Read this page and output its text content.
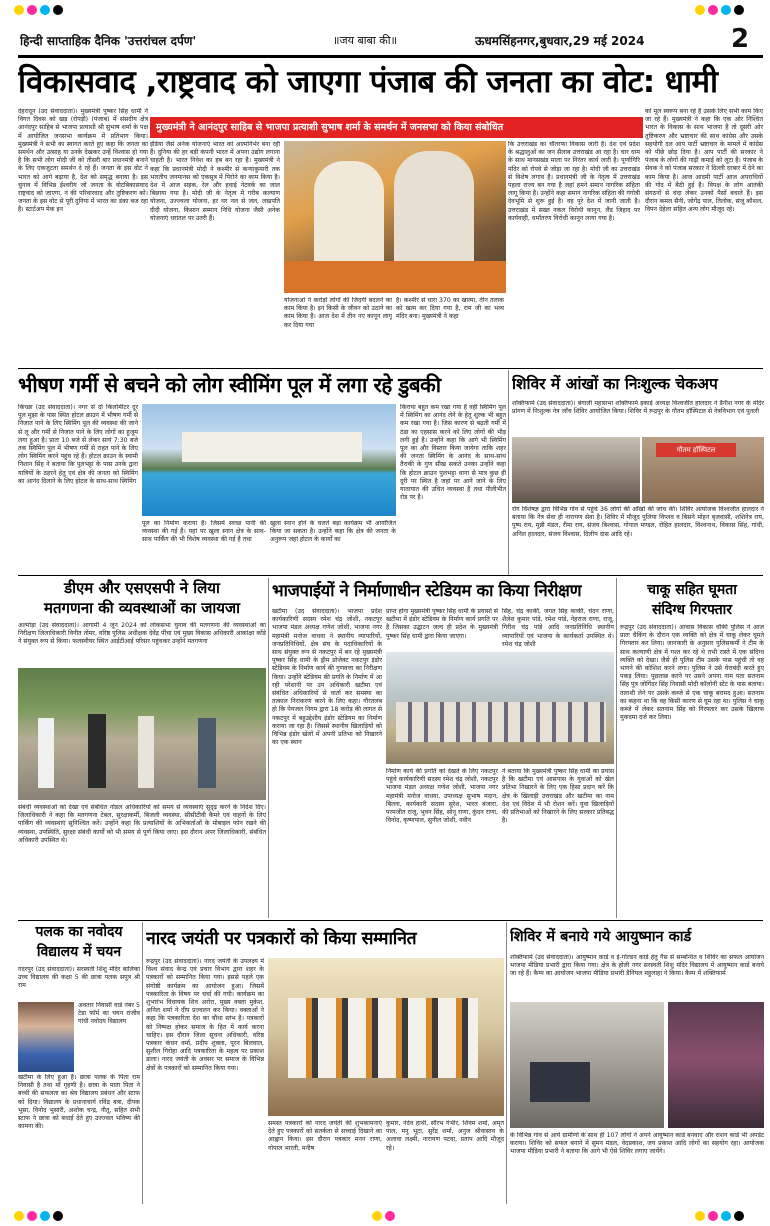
हिन्दी साप्ताहिक दैनिक 'उत्तरांचल दर्पण'	॥जय बाबा की॥	ऊधमसिंहनगर,बुधवार,29 मई 2024	2
विकासवाद ,राष्ट्रवाद को जाएगा पंजाब की जनता का वोट: धामी
देहरादून (उद संवाददाता)। मुख्यमंत्री पुष्कर सिंह धामी ने विगत दिवस को खड़ (रोपड़ी) (पंजाब) में संसदीय क्षेत्र आनंदपुर साहिब से भाजपा प्रत्याशी श्री सुभाष शर्मा के पक्ष में आयोजित जनसभा कार्यक्रम में प्रतिभाग किया। मुख्यमंत्री ने सभी का स्वागत करते हुए कहा कि जनता का समर्थन और उत्साह या उनके देखकर उन्हें विश्वास हो गया है कि सभी लोग मोदी जी को तीसरी बार प्रधानमंत्री बनाने के लिए एकजुटता समर्थन दे रहे हैं। जनता के इस वोट ने भारत को आगे बढ़ाया है, देश को समृद्ध बनाया है। इस चुनाव में विभिन्न ईश्वरीय जो जनता के वोटबिकासवाद राष्ट्रवाद को जाएगा, न की परिवारवाद और तुष्टिकरण को। जनता के इस वोट से पूरी दुनिया में भारत का डंका बज रहा है। स्टार्टअप मेक इन
मुख्यमंत्री ने आनंदपुर साहिब से भाजपा प्रत्याशी सुभाष शर्मा के समर्थन में जनसभा को किया संबोधित
इंडिया जैसे अनेक योजनाएं भारत को आत्मनिर्भर बना रही हैं। दुनिया की हर बड़ी कंपनी भारत में अपना उद्योग लगाना चाहती है। भारत निवेश का हब बन रहा है। मुख्यमंत्री ने कहा कि प्रधानमंत्री मोदी ने कश्मीर से कन्याकुमारी तक भारतीय जनमानस को एकसूत्र में पिरोने का काम किया है। देश में आज सड़क, रेल और हवाई नेटवर्क का जाल बिछाया गया है। मोदी जी के नेतृत्व में गरीब कल्याण योजना, उज्ज्वला योजना, हर घर नल से जल, लखपति दीदी योजना, किसान सम्मान निधि योजना जैसी अनेक योजनाएं धरातल पर उतरी हैं।
योजनाओं ने करोड़ों लोगों की जिंदगी बदलने का काम किया है। इन किसी के जीवन को उठाने का काम किया है। आज देश में तीन नए कानून लागू कर दिया गया
है। कश्मीर से धारा 370 का खात्मा, तीन तलाक को खत्म कर दिया गया है, राम जी का भव्य मंदिर बना। मुख्यमंत्री ने कहा
कि उत्तराखंड का चौतरफा विकास जारी है। देश एवं प्रदेश के श्रद्धालुओं का जन सैलाब उत्तराखंड आ रहा है। चार धाम के साथ मानसखंड माला पर निरंतर कार्य जारी है। पूर्णागिरि मंदिर को रोपवे से जोड़ा जा रहा है। मोदी जी का उत्तराखंड से विशेष लगाव है। प्रधानमंत्री जी के नेतृत्व में उत्तराखंड पहला राज्य बन गया है जहां हमने समान नागरिक संहिता लागू किया है। उन्होंने कहा समान नागरिक संहिता की गंगोत्री देवभूमि से शुरू हुई है। वह पूरे देश में जानी जाती है। उत्तराखंड में सख्त नकल विरोधी कानून, लैंड जिहाद पर कार्यवाही, धर्मांतरण विरोधी कानून लाया गया है।
को मूल स्वरूप बना रहे हैं उसके लिए सभी काम किए जा रहे हैं। मुख्यमंत्री ने कहा कि एक ओर निश्चित भारत के विकास के साथ भाजपा है तो दूसरी ओर तुष्टिकरण और भ्रष्टाचार की साथ कांग्रेस और उसके सहयोगी दल आप पार्टी भ्रष्टाचार के मामले में कांग्रेस को पीछे छोड़ दिया है। आप पार्टी की सरकार ने पंजाब के लोगों की गाढ़ी कमाई को लूटा है। पंजाब के सेवक ने को पंजाब सरकार ने दिल्ली दरबार में देने का काम किया है। आज आदमी पार्टी आज अपराधियों की गोद में बैठी हुई है। विपक्ष के लोग आतंकी संगठनों से चंदा लेकर उनको पैसों बचाते हैं। इस दौरान कमल सैनी, जोगेंद्र पाल, तिलोक, संजू कौशल, विपन देहेला सहित अन्य लोग मौजूद रहे।
भीषण गर्मी से बचने को लोग स्वीमिंग पूल में लगा रहे डुबकी
किच्छा (उद संवाददाता)। नगर से दो किलोमीटर दूर पूल मुझा के पास स्थित होटल क्राउन में भीषण गर्मी से निजात पाने के लिए स्विमिंग पूल की व्यवस्था की जाने से लू और गर्मी से निजात पाने के लिए लोगों का हुजूम लगा हुआ है। प्रातः 10 बजे से लेकर सायं 7:30 बजे तक स्विमिंग पूल में भीषण गर्मी से राहत पाने के लिए लोग स्विमिंग करने पहुंच रहे हैं। होटल क्राउन के स्वामी निशान सिंह ने बताया कि पुलभट्टा के पास उनके द्वारा यात्रियों के ठहरने हेतु एवं क्षेत्र की जनता को स्विमिंग का आनंद दिलाने के लिए होटल के साथ-साथ स्विमिंग
पूल का निर्माण कराया है। जिसमें स्वच्छ पानी की व्यवस्था की गई है। यहां पर खुला स्नान क्षेत्र के साथ-साथ पार्किंग की भी विशेष व्यवस्था की गई है तथा
खुला स्नान होने के चलते बड़ा कार्यक्रम भी आयोजित किया जा सकता है। उन्होंने कहा कि क्षेत्र की जनता के अनुरूप जहां होटल के कार्यों का
किराया बहुत कम रखा गया है वहीं स्विमिंग पूल में स्विमिंग का आनंद लेने के हेतु शुल्क भी बहुत कम रखा गया है। जिस कारण से बढ़ती गर्मी में ठंडा का एहसास करने को लिए लोगों की भीड़ लगी हुई है। उन्होंने कहा कि आगे भी स्विमिंग पूल का और विस्तार किया जायेगा ताकि शहर की जनता स्विमिंग के आनंद के साथ-साथ तैराकी के गुण सीख सकते उनका उन्होंने कहा कि होटल क्राउन पुलभट्टा थाना से मात्र कुछ ही दूरी पर स्थित है जहां पर आने जाने के लिए यातायात की उचित व्यवस्था है तथा पीलीभीत रोड पर है।
शिविर में आंखों का निःशुल्क चेकअप
शक्तिफार्म (उद संवाददाता)। बंगाली महासभा शक्तिफार्म इकाई अध्यक्ष विश्वजीत हालदार ने डैनीश नगर के मंदिर प्रांगण में निःशुल्क नेत्र जाँच शिविर आयोजित किया। शिविर में रूद्रपुर के गौतम हॉस्पिटल से नेत्रविभाग एवं पुतली
गौतम हॉस्पिटल
रोग विशेषज्ञ द्वारा विभिन्न गांव से पहुंचे 36 लोगों की आँखों की जांच की। शिविर आयोजक विश्वजीत हालदार ने बताया कि नेत्र सेवा ही नारायण सेवा है। शिविर में मौजूद पुलिया विप्लव व बिसने मोहन बृजवासी, शशिनेत्र राय, पुष्प राय, मुन्नी मंडल, रीमा राय, संजय बिश्वास, गोपाल मण्डल, रोहित हालदार, विश्वनाथ, विकास सिंह, गांधी, अनिल हालदार, संजय विश्वास, दिलीप दास आदि रहे।
डीएम और एसएसपी ने लिया
मतगणना की व्यवस्थाओं का जायजा
अल्मोड़ा (उद संवाददाता)। आगामी 4 जून 2024 को लोकसभा चुनाव की मतगणना की व्यवस्थाओं का निरीक्षण जिलाधिकारी विनीत तोमर, वरिष्ठ पुलिस अधीक्षक देवेंद्र पींचा एवं मुख्य विकास अधिकारी आकांक्षा कोंडे ने संयुक्त रूप से किया। फलस्वीयर स्थित आईटीआई परिसर पहुंचकर उन्होंने मतगणना
संबंधी व्यवस्थाओं को देखा एवं संबंधित नोडल अधिकारियों को समय से व्यवस्थाएं सुदृढ़ करने के निर्देश दिए। जिलाधिकारी ने कहा कि मतगणना टेबल, सुरक्षाकर्मी, बिजली व्यवस्था, सीसीटीवी कैमरे एवं वाहनों के लिए पार्किंग की व्यवस्थाएं सुनिश्चित करें। उन्होंने कहा कि प्रत्याशियों के अभिकर्ताओं के मोबाइल फोन रखने की व्यवस्था, उपस्थिति, सुरक्षा संबंधी कार्यों को भी समय से पूर्ण किया जाए। इस दौरान अपर जिलाधिकारी, संबंधित अधिकारी उपस्थित थे।
भाजपाईयों ने निर्माणाधीन स्टेडियम का किया निरीक्षण
खटीमा (उद संवाददाता)। भाजपा प्रदेश कार्यकारिणी सदस्य रमेश चंद्र जोशी, नकटपुर भाजपा मंडल अध्यक्ष गणेश जोशी, भाजपा नगर महामंत्री मनोज वाधवा ने स्थानीय व्यापारियों, जनप्रतिनिधियों, क्षेत्र संघ के पदाधिकारियों के साथ संयुक्त रूप से नकटपुर में बन रहे मुख्यमंत्री पुष्कर सिंह धामी के ड्रीम प्रोजेक्ट नकटपुर इंडोर स्टेडियम के निर्माण कार्य की गुणवत्ता का निरीक्षण किया। उन्होंने स्टेडियम की प्रगति के निर्माण में आ रही परेशानी पर उप अधिकारी खटीमा एवं संबंधित अधिकारियों से वार्ता कर समस्या का तत्काल निराकरण करने के लिए कहा। गौरतलब हो कि पेयजल निगम द्वारा 18 करोड़ की लागत से नकटपुर में बहुउद्देशीय इंडोर स्टेडियम का निर्माण कराया जा रहा है। जिससे स्थानीय खिलाड़ियों को विभिन्न इंडोर खेलों में अपनी प्रतिभा को निखारने का एक स्थान
प्राप्त होगा मुख्यमंत्री पुष्कर सिंह धामी के प्रयासों से खटीमा में इंडोर स्टेडियम के निर्माण कार्य प्रगति पर है जिसका उद्घाटन जल्द ही प्रदेश के मुख्यमंत्री पुष्कर सिंह धामी द्वारा किया जाएगा।
सिंह, चंद्र कार्की, जगत सिंह कार्की, चंदन राणा, शैलेश कुमार पांडे, रमेश पांडे, नेहराज राणा, राजू, गिरीश चंद्र पांडे आदि जनप्रतिनिधि स्थानीय व्यापारियों एवं भाजपा के कार्यकर्ता उपस्थित थे। रमेश चंद्र जोशी
निर्माण कार्य की प्रगति को देखते के लिए नकटपुर पहुंचे कार्यकारिणी सदस्य रमेश चंद्र जोशी, नकटपुर भाजपा मंडल अध्यक्ष गणेश जोशी, भाजपा नगर महामंत्री मनोज वाधवा, उपाध्यक्ष सुभाष मदान, बिल्ला, कार्यकारी सदस्य सुरेश, भारत बंजारा, परमजीत राजू, भुवन सिंह, सोनू राणा, कुंदन राणा, विनोद, कृष्णपाल, सुनील जोशी, नवीन
ने बताया कि मुख्यमंत्री पुष्कर सिंह धामी का प्रयास है कि खटीमा एवं आसपास के युवाओं को खेल प्रतिभा निखारने के लिए एक हिसा प्रदान करें कि क्षेत्र के खिलाड़ी उत्तराखंड और खटीमा का नाम देश एवं विदेश में भी रोशन करें। युवा खिलाड़ियों की प्रतिभाओं को निखारने के लिए सरकार प्रतिबद्ध है।
चाकू सहित घूमता
संदिग्ध गिरफ्तार
रूद्रपुर (उद संवाददाता)। आवास विकास चौकी पुलिस ने आज प्रातः चैकिंग के दौरान एक व्यक्ति को क्षेत्र में चाकू लेकर घूमते गिरफ्तार कर लिया। जानकारी के अनुसार पुलिसकर्मी ने टीम के साथ कल्याणी क्षेत्र में गश्त कर रहे थे तभी रास्ते में एक संदिग्ध व्यक्ति को देखा। जैसे ही पुलिस टीम उसके पास पहुंची तो वह भागने की कोशिश करने लगा। पुलिस ने उसे घेराबंदी करते हुए पकड़ लिया। पूछताछ करने पर उसने अपना नाम पता सतनाम सिंह पुत्र जोगिंदर सिंह निवासी मोदी कॉलोनी स्टेट के पास बताया। तलाशी लेने पर उसके कब्जे से एक चाकू बरामद हुआ। सतनाम का कहना था कि वह किसी कारण से घूम रहा था। पुलिस ने चाकू कब्जे में लेकर सतनाम सिंह को गिरफ्तार कर उसके खिलाफ मुकदमा दर्ज कर लिया।
पलक का नवोदय
विद्यालय में चयन
गदरपुर (उद संवाददाता)। सरस्वती शिशु मंदिर बालिका उच्च विद्यालय की कक्षा 5 की छात्रा पलक सपुत्र श्री राम
अवतार निवासी वार्ड नंबर 5 टेडा फॉर्म का चयन राजीव गांधी नवोदय विद्यालय
खटीमा के लिए हुआ है। छात्रा पलक के पिता राम निवासी है तथा माँ गृहणी है। छात्रा के माता पिता ने बच्ची की सफलता का श्रेय विद्यालय प्रबंधन और स्टाफ को दिया। विद्यालय के प्रधानाचार्य रविंद्र बत्रा, दीपक भुसा, विनोद भुसारी, अशोक चन्द्र, नीतू, सहित सभी स्टाफ ने छात्रा को बधाई देते हुए उज्ज्वल भविष्य की कामना की।
नारद जयंती पर पत्रकारों को किया सम्मानित
रूद्रपुर (उद संवाददाता)। नारद जयंती के उपलक्ष्य में विश्व संवाद केन्द्र एवं प्रचार विभाग द्वारा शहर के पत्रकारों को सम्मानित किया गया। इससे पहले एक संगोष्ठी कार्यक्रम का आयोजन हुआ। जिसमें पत्रकारिता के विषय पर चर्चा की गयी। कार्यक्रम का शुभारंभ विधायक शिव अरोरा, मुख्य वक्ता मुकेश, अनिल शर्मा ने दीप प्रज्वलन कर किया। वक्ताओं ने कहा कि पत्रकारिता देश का चौथा स्तंभ है। पत्रकारों को निष्पक्ष होकर समाज के हित में कार्य करना चाहिए। इस दौरान जिला सूचना अधिकारी, वरिष्ठ पत्रकार कंचन वर्मा, प्रदीप शुक्ला, पूरन बिलवाल, सुशील गिरोहा आदि पत्रकारिता के महत्व पर प्रकाश डाला। नारद जयंती के अवसर पर समाज के विभिन्न क्षेत्रों के पत्रकारों को सम्मानित किया गया।
समस्त पत्रकारों को नारद जयंती की शुभकामनाएं देते हुए पत्रकारों को सतर्कता से सच्चाई दिखाने का आह्वान किया। इस दौरान पत्रकार मनन राणा, गोपाल भारती, मनीष
कुमार, नंदेव हाथी, सौरभ गंभीर, शिवम शर्मा, अमृत पाल, मनु भूटा, सुरेंद्र शर्मा, अनुज श्रीवास्तव के अलावा लक्ष्मी, नारायण पटवा, प्रताप आदि मौजूद रहे।
शिविर में बनाये गये आयुष्मान कार्ड
शक्तिफार्म (उद संवाददाता)। आयुष्मान कार्ड व ई-गोल्डन कार्ड हेतु गैस से सम्बन्धित व शिविर का सफल आयोजन भाजपा मीडिया प्रभारी द्वारा किया गया। क्षेत्र के होली नगर सरस्वती शिशु मंदिर विद्यालय में आयुष्मान कार्ड बनाये जा रहे हैं। कैम्प का आयोजन भाजपा मीडिया प्रभारी डैनियल महुलाहा ने किया। कैम्प में शक्तिफार्म
के विभिन्न गांव से आये ग्रामीणों के साथ ही 107 लोगों ने अपने आयुष्मान कार्ड बनवाए और राशन कार्ड भी अपडेट कराया। शिविर को सफल बनाने में सुमन मंडल, वेदप्रकाश, जय प्रकाश आदि लोगों का सहयोग रहा। आयोजक भाजपा मीडिया प्रभारी ने बताया कि आगे भी ऐसे शिविर लगाए जायेंगे।
